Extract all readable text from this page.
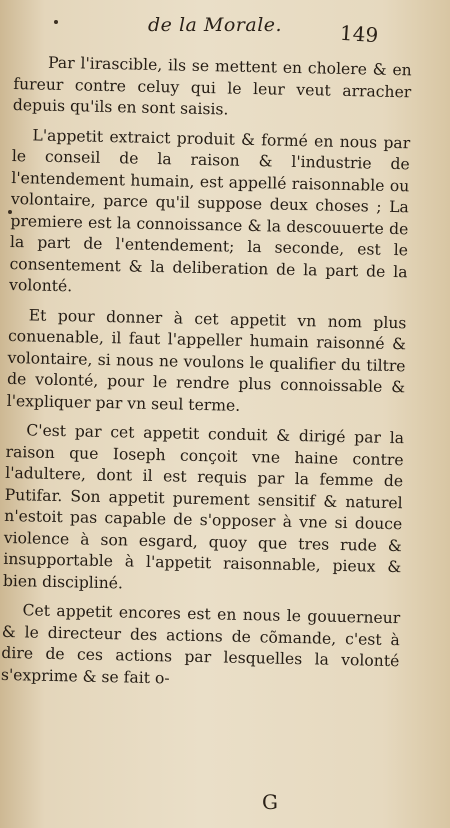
de la Morale.	149

Par l'irascible, ils se mettent en cholere & en fureur contre celuy qui le leur veut arracher depuis qu'ils en sont saisis.

L'appetit extraict produit & formé en nous par le conseil de la raison & l'industrie de l'entendement humain, est appellé raisonnable ou volontaire, parce qu'il suppose deux choses ; La premiere est la connoissance & la descouuerte de la part de l'entendement; la seconde, est le consentement & la deliberation de la part de la volonté.

Et pour donner à cet appetit vn nom plus conuenable, il faut l'appeller humain raisonné & volontaire, si nous ne voulons le qualifier du tiltre de volonté, pour le rendre plus connoissable & l'expliquer par vn seul terme.

C'est par cet appetit conduit & dirigé par la raison que Ioseph conçoit vne haine contre l'adultere, dont il est requis par la femme de Putifar. Son appetit purement sensitif & naturel n'estoit pas capable de s'opposer à vne si douce violence à son esgard, quoy que tres rude & insupportable à l'appetit raisonnable, pieux & bien discipliné.

Cet appetit encores est en nous le gouuerneur & le directeur des actions de cõmande, c'est à dire de ces actions par lesquelles la volonté s'exprime & se fait o-

G
